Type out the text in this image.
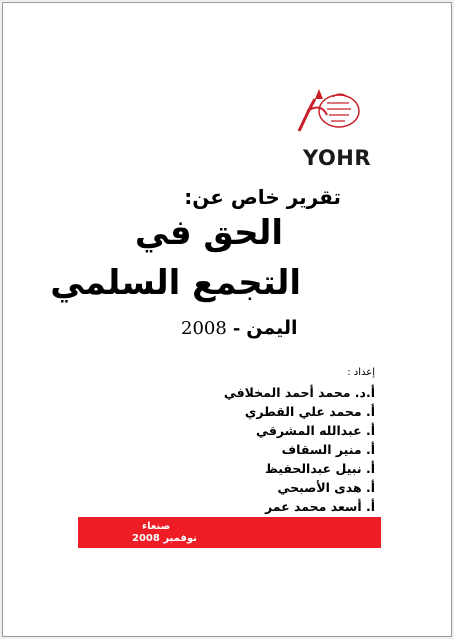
YOHR
تقرير خاص عن:
الحق في
التجمع السلمي
2008 - اليمن
إعداد :
أ.د. محمد أحمد المخلافي
أ. محمد علي القطري
أ. عبدالله المشرقي
أ. منير السقاف
أ. نبيل عبدالحفيظ
أ. هدى الأصبحي
أ. أسعد محمد عمر
صنعاء
نوفمبر 2008
